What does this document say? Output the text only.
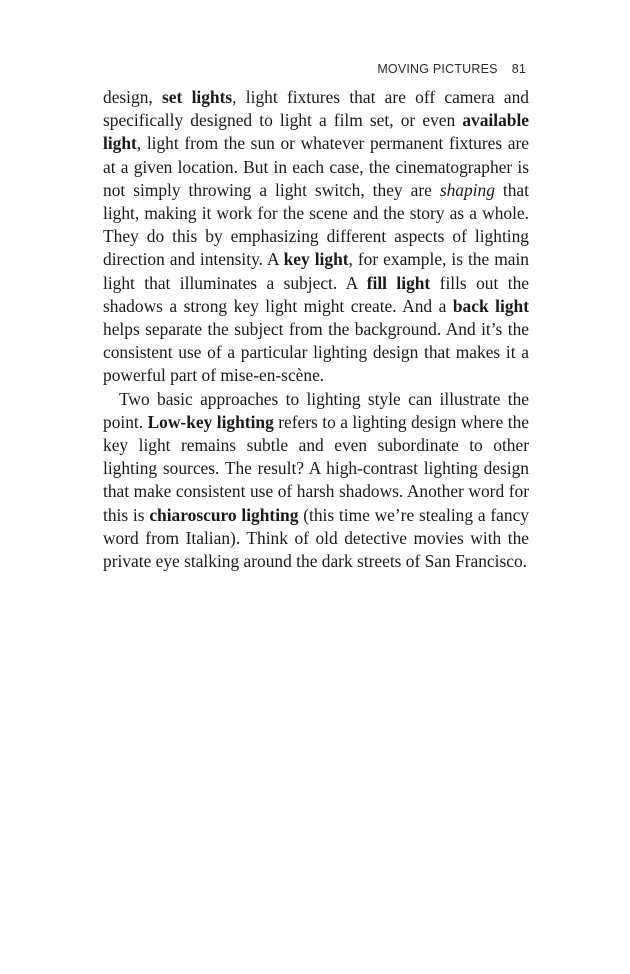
MOVING PICTURES 81

design, set lights, light fixtures that are off camera and specifically designed to light a film set, or even available light, light from the sun or whatever permanent fixtures are at a given location. But in each case, the cinematographer is not simply throwing a light switch, they are shaping that light, making it work for the scene and the story as a whole. They do this by emphasizing different aspects of lighting direction and intensity. A key light, for example, is the main light that illuminates a subject. A fill light fills out the shadows a strong key light might create. And a back light helps separate the subject from the background. And it’s the consistent use of a particular lighting design that makes it a powerful part of mise-en-scène.

Two basic approaches to lighting style can illustrate the point. Low-key lighting refers to a lighting design where the key light remains subtle and even subordinate to other lighting sources. The result? A high-contrast lighting design that make consistent use of harsh shadows. Another word for this is chiaroscuro lighting (this time we’re stealing a fancy word from Italian). Think of old detective movies with the private eye stalking around the dark streets of San Francisco.
